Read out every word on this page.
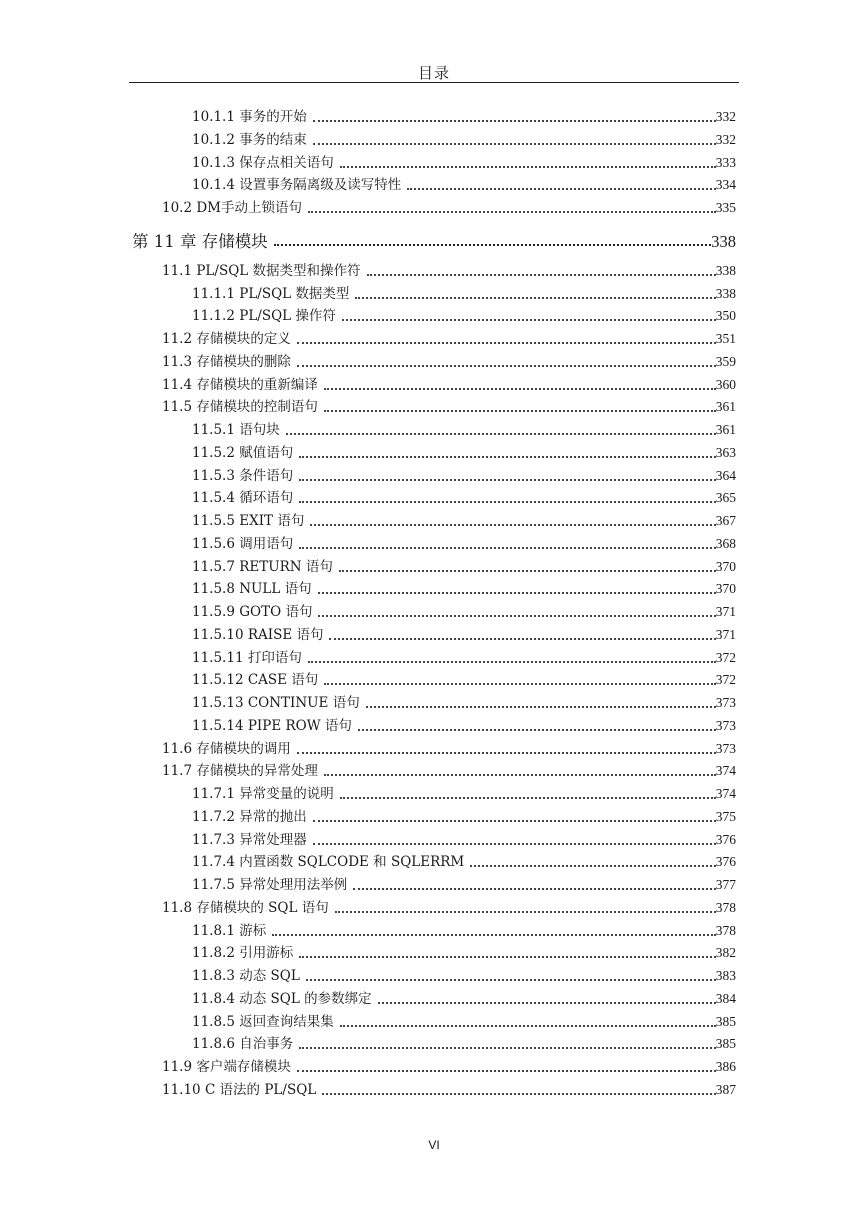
目录
10.1.1 事务的开始	332
10.1.2 事务的结束	332
10.1.3 保存点相关语句	333
10.1.4 设置事务隔离级及读写特性	334
10.2 DM手动上锁语句	335
第 11 章 存储模块	338
11.1 PL/SQL 数据类型和操作符	338
11.1.1 PL/SQL 数据类型	338
11.1.2 PL/SQL 操作符	350
11.2 存储模块的定义	351
11.3 存储模块的删除	359
11.4 存储模块的重新编译	360
11.5 存储模块的控制语句	361
11.5.1 语句块	361
11.5.2 赋值语句	363
11.5.3 条件语句	364
11.5.4 循环语句	365
11.5.5 EXIT 语句	367
11.5.6 调用语句	368
11.5.7 RETURN 语句	370
11.5.8 NULL 语句	370
11.5.9 GOTO 语句	371
11.5.10 RAISE 语句	371
11.5.11 打印语句	372
11.5.12 CASE 语句	372
11.5.13 CONTINUE 语句	373
11.5.14 PIPE ROW 语句	373
11.6 存储模块的调用	373
11.7 存储模块的异常处理	374
11.7.1 异常变量的说明	374
11.7.2 异常的抛出	375
11.7.3 异常处理器	376
11.7.4 内置函数 SQLCODE 和 SQLERRM	376
11.7.5 异常处理用法举例	377
11.8 存储模块的 SQL 语句	378
11.8.1 游标	378
11.8.2 引用游标	382
11.8.3 动态 SQL	383
11.8.4 动态 SQL 的参数绑定	384
11.8.5 返回查询结果集	385
11.8.6 自治事务	385
11.9 客户端存储模块	386
11.10 C 语法的 PL/SQL	387
VI
